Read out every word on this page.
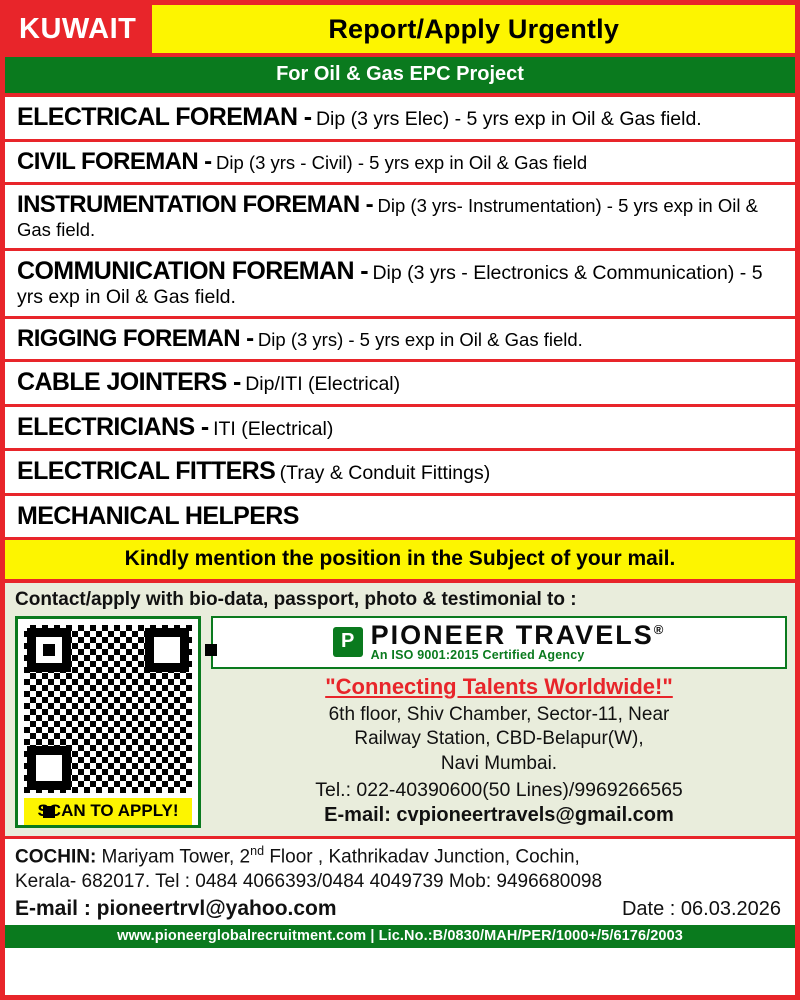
KUWAIT	Report/Apply Urgently
For Oil & Gas EPC Project
ELECTRICAL FOREMAN - Dip (3 yrs Elec) - 5 yrs exp in Oil & Gas field.
CIVIL FOREMAN - Dip (3 yrs - Civil) - 5 yrs exp in Oil & Gas field
INSTRUMENTATION FOREMAN - Dip (3 yrs- Instrumentation) - 5 yrs exp in Oil & Gas field.
COMMUNICATION FOREMAN - Dip (3 yrs - Electronics & Communication) - 5 yrs exp in Oil & Gas field.
RIGGING FOREMAN - Dip (3 yrs) - 5 yrs exp in Oil & Gas field.
CABLE JOINTERS - Dip/ITI (Electrical)
ELECTRICIANS - ITI (Electrical)
ELECTRICAL FITTERS (Tray & Conduit Fittings)
MECHANICAL HELPERS
Kindly mention the position in the Subject of your mail.
Contact/apply with bio-data, passport, photo & testimonial to :
SCAN TO APPLY!
P PIONEER TRAVELS®
An ISO 9001:2015 Certified Agency
"Connecting Talents Worldwide!"
6th floor, Shiv Chamber, Sector-11, Near
Railway Station, CBD-Belapur(W),
Navi Mumbai.
Tel.: 022-40390600(50 Lines)/9969266565
E-mail: cvpioneertravels@gmail.com
COCHIN: Mariyam Tower, 2nd Floor , Kathrikadav Junction, Cochin,
Kerala- 682017. Tel : 0484 4066393/0484 4049739 Mob: 9496680098
E-mail : pioneertrvl@yahoo.com	Date : 06.03.2026
www.pioneerglobalrecruitment.com | Lic.No.:B/0830/MAH/PER/1000+/5/6176/2003
